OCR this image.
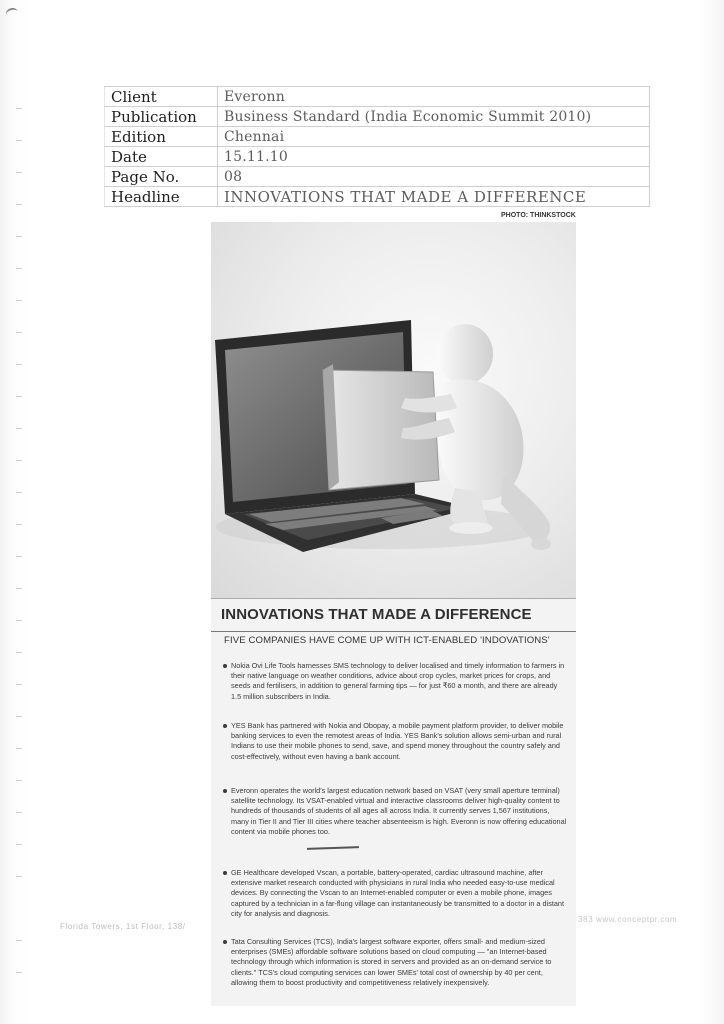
Client	Everonn
Publication	Business Standard (India Economic Summit 2010)
Edition	Chennai
Date	15.11.10
Page No.	08
Headline	INNOVATIONS THAT MADE A DIFFERENCE
PHOTO: THINKSTOCK
INNOVATIONS THAT MADE A DIFFERENCE
FIVE COMPANIES HAVE COME UP WITH ICT-ENABLED 'INDOVATIONS'
Nokia Ovi Life Tools harnesses SMS technology to deliver localised and timely information to farmers in their native language on weather conditions, advice about crop cycles, market prices for crops, and seeds and fertilisers, in addition to general farming tips — for just ₹60 a month, and there are already 1.5 million subscribers in India.
YES Bank has partnered with Nokia and Obopay, a mobile payment platform provider, to deliver mobile banking services to even the remotest areas of India. YES Bank's solution allows semi-urban and rural Indians to use their mobile phones to send, save, and spend money throughout the country safely and cost-effectively, without even having a bank account.
Everonn operates the world's largest education network based on VSAT (very small aperture terminal) satellite technology. Its VSAT-enabled virtual and interactive classrooms deliver high-quality content to hundreds of thousands of students of all ages all across India. It currently serves 1,567 institutions, many in Tier II and Tier III cities where teacher absenteeism is high. Everonn is now offering educational content via mobile phones too.
GE Healthcare developed Vscan, a portable, battery-operated, cardiac ultrasound machine, after extensive market research conducted with physicians in rural India who needed easy-to-use medical devices. By connecting the Vscan to an Internet-enabled computer or even a mobile phone, images captured by a technician in a far-flung village can instantaneously be transmitted to a doctor in a distant city for analysis and diagnosis.
Tata Consulting Services (TCS), India's largest software exporter, offers small- and medium-sized enterprises (SMEs) affordable software solutions based on cloud computing — "an Internet-based technology through which information is stored in servers and provided as an on-demand service to clients." TCS's cloud computing services can lower SMEs' total cost of ownership by 40 per cent, allowing them to boost productivity and competitiveness relatively inexpensively.
Florida Towers, 1st Floor, 138/
383 www.conceptpr.com
